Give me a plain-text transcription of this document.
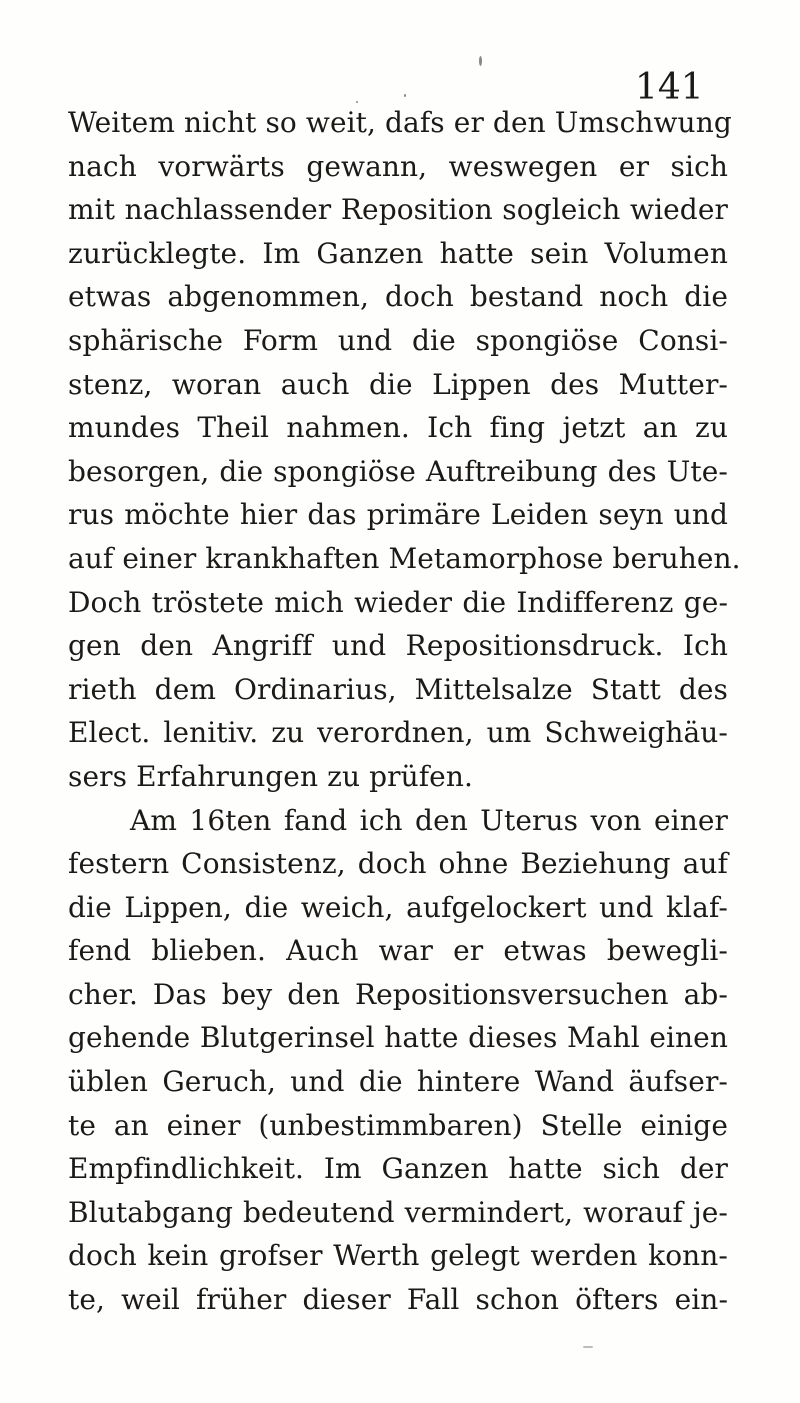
141
Weitem nicht so weit, dafs er den Umschwung
nach vorwärts gewann, weswegen er sich
mit nachlassender Reposition sogleich wieder
zurücklegte. Im Ganzen hatte sein Volumen
etwas abgenommen, doch bestand noch die
sphärische Form und die spongiöse Consi-
stenz, woran auch die Lippen des Mutter-
mundes Theil nahmen. Ich fing jetzt an zu
besorgen, die spongiöse Auftreibung des Ute-
rus möchte hier das primäre Leiden seyn und
auf einer krankhaften Metamorphose beruhen.
Doch tröstete mich wieder die Indifferenz ge-
gen den Angriff und Repositionsdruck. Ich
rieth dem Ordinarius, Mittelsalze Statt des
Elect. lenitiv. zu verordnen, um Schweighäu-
sers Erfahrungen zu prüfen.
Am 16ten fand ich den Uterus von einer
festern Consistenz, doch ohne Beziehung auf
die Lippen, die weich, aufgelockert und klaf-
fend blieben. Auch war er etwas bewegli-
cher. Das bey den Repositionsversuchen ab-
gehende Blutgerinsel hatte dieses Mahl einen
üblen Geruch, und die hintere Wand äufser-
te an einer (unbestimmbaren) Stelle einige
Empfindlichkeit. Im Ganzen hatte sich der
Blutabgang bedeutend vermindert, worauf je-
doch kein grofser Werth gelegt werden konn-
te, weil früher dieser Fall schon öfters ein-
